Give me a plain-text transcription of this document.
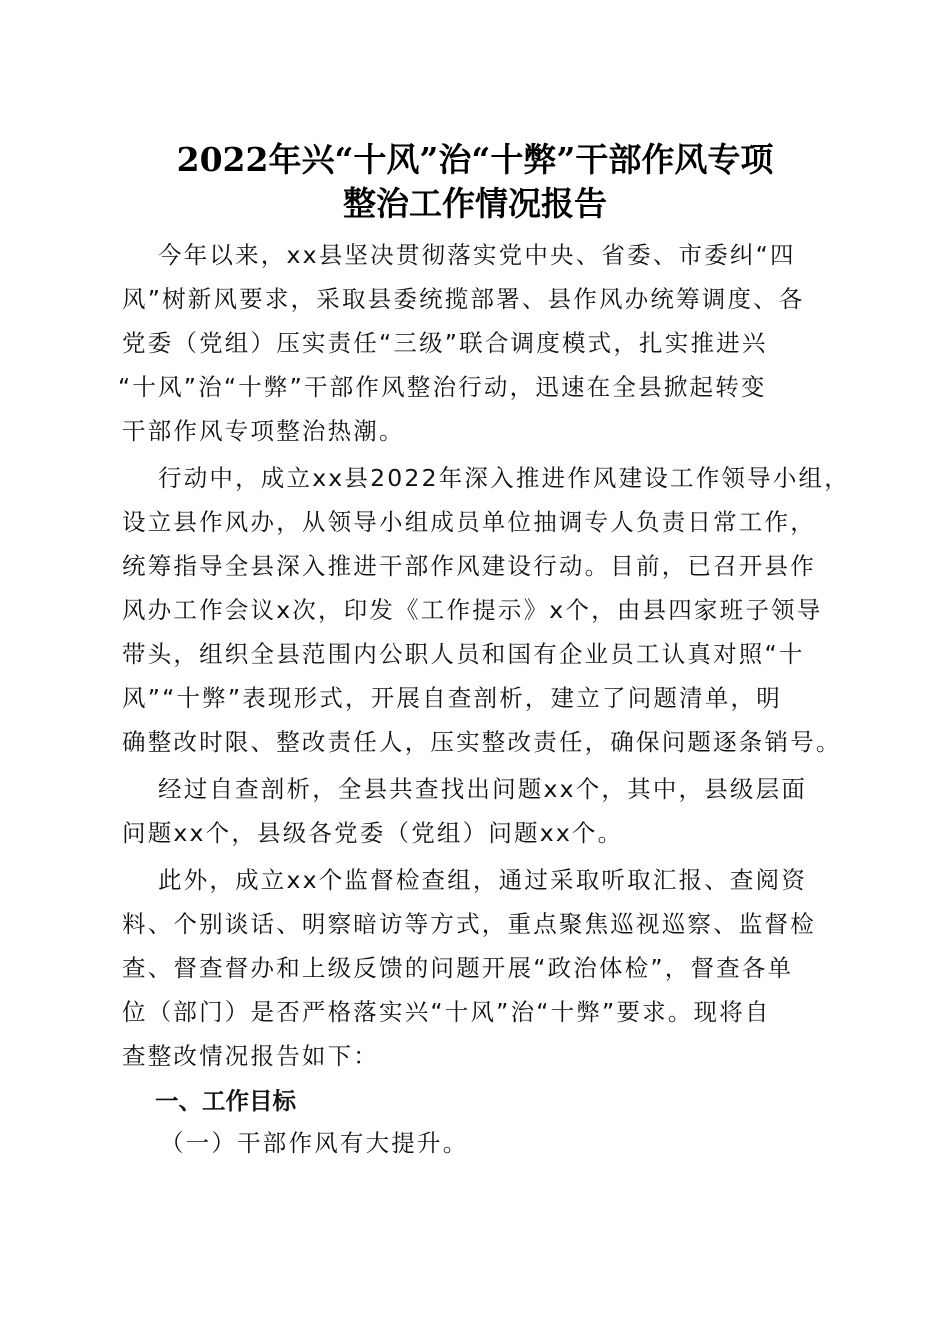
2022年兴“十风”治“十弊”干部作风专项
整治工作情况报告
今年以来，xx县坚决贯彻落实党中央、省委、市委纠“四
风”树新风要求，采取县委统揽部署、县作风办统筹调度、各
党委（党组）压实责任“三级”联合调度模式，扎实推进兴
“十风”治“十弊”干部作风整治行动，迅速在全县掀起转变
干部作风专项整治热潮。
行动中，成立xx县2022年深入推进作风建设工作领导小组，
设立县作风办，从领导小组成员单位抽调专人负责日常工作，
统筹指导全县深入推进干部作风建设行动。目前，已召开县作
风办工作会议x次，印发《工作提示》x个，由县四家班子领导
带头，组织全县范围内公职人员和国有企业员工认真对照“十
风”“十弊”表现形式，开展自查剖析，建立了问题清单，明
确整改时限、整改责任人，压实整改责任，确保问题逐条销号。
经过自查剖析，全县共查找出问题xx个，其中，县级层面
问题xx个，县级各党委（党组）问题xx个。
此外，成立xx个监督检查组，通过采取听取汇报、查阅资
料、个别谈话、明察暗访等方式，重点聚焦巡视巡察、监督检
查、督查督办和上级反馈的问题开展“政治体检”，督查各单
位（部门）是否严格落实兴“十风”治“十弊”要求。现将自
查整改情况报告如下：
一、工作目标
（一）干部作风有大提升。
